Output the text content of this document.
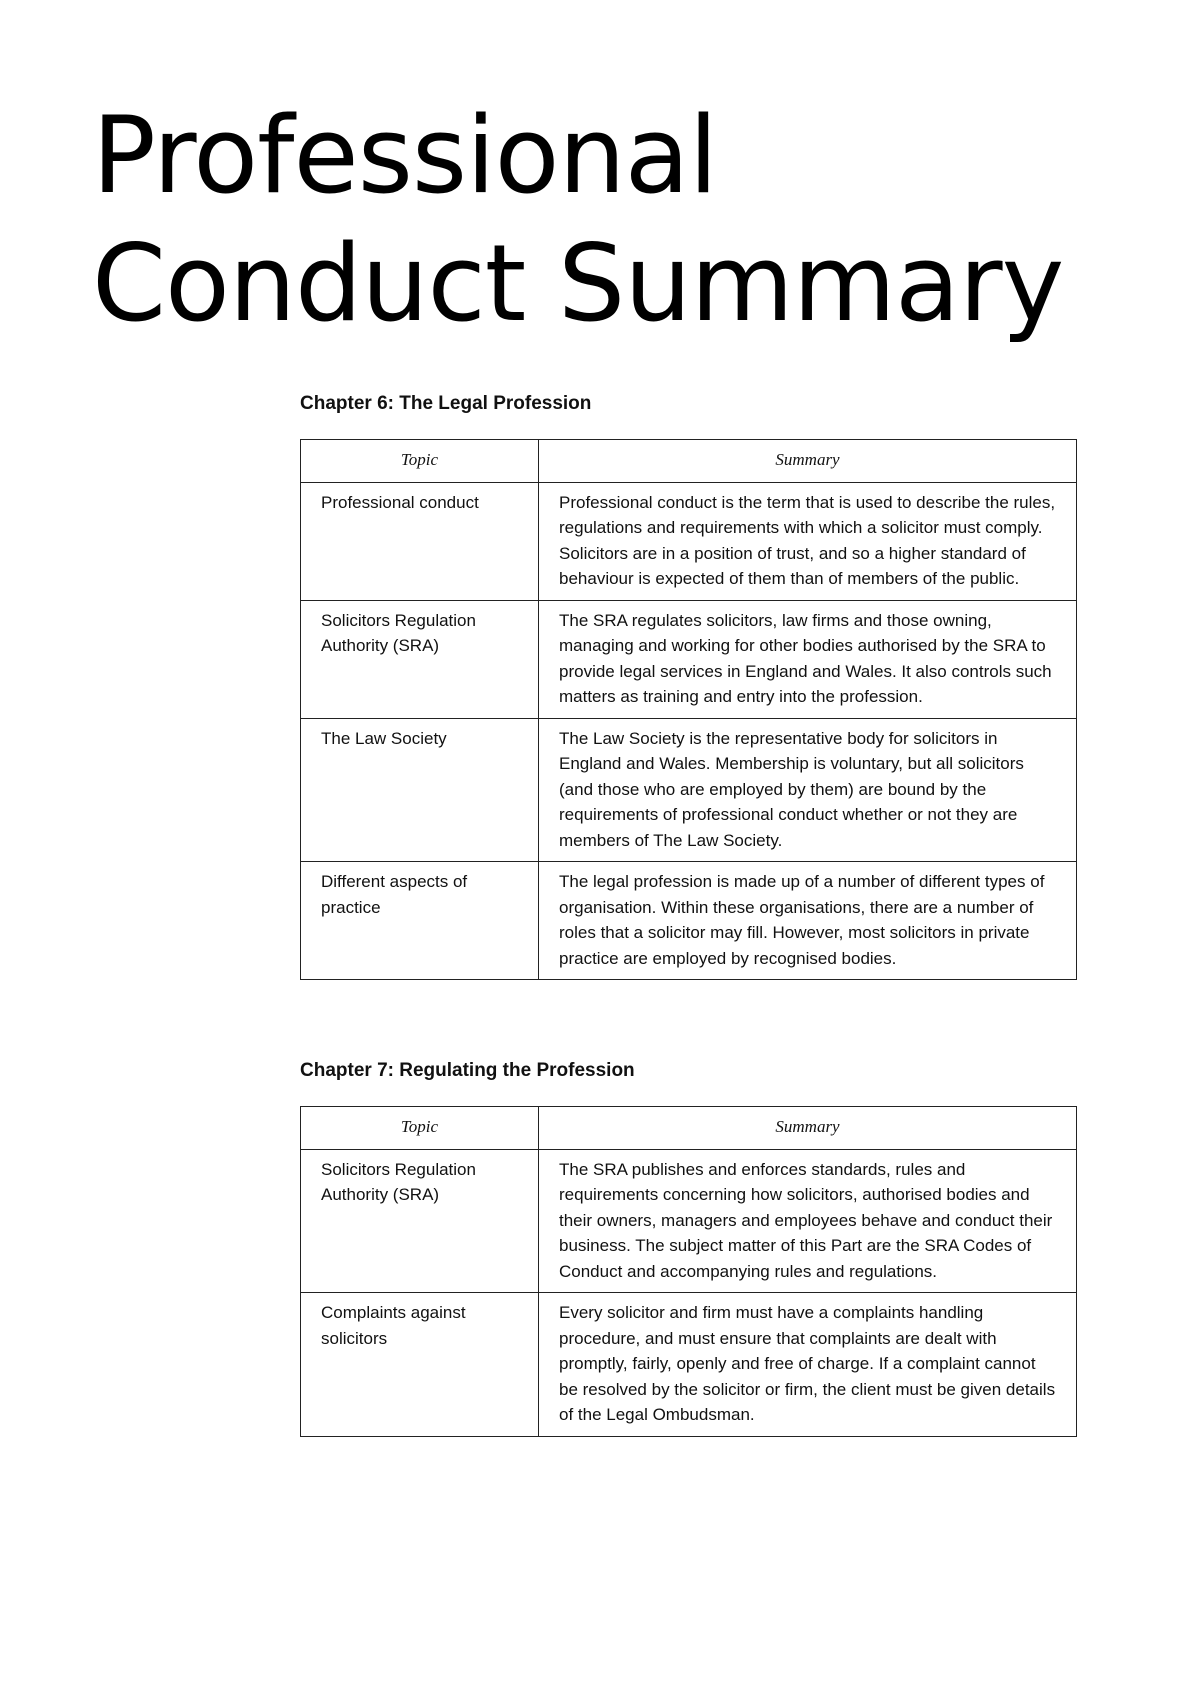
Professional
Conduct Summary
Chapter 6: The Legal Profession
Topic	Summary
Professional conduct	Professional conduct is the term that is used to describe the rules, regulations and requirements with which a solicitor must comply. Solicitors are in a position of trust, and so a higher standard of behaviour is expected of them than of members of the public.
Solicitors Regulation Authority (SRA)	The SRA regulates solicitors, law firms and those owning, managing and working for other bodies authorised by the SRA to provide legal services in England and Wales. It also controls such matters as training and entry into the profession.
The Law Society	The Law Society is the representative body for solicitors in England and Wales. Membership is voluntary, but all solicitors (and those who are employed by them) are bound by the requirements of professional conduct whether or not they are members of The Law Society.
Different aspects of practice	The legal profession is made up of a number of different types of organisation. Within these organisations, there are a number of roles that a solicitor may fill. However, most solicitors in private practice are employed by recognised bodies.
Chapter 7: Regulating the Profession
Topic	Summary
Solicitors Regulation Authority (SRA)	The SRA publishes and enforces standards, rules and requirements concerning how solicitors, authorised bodies and their owners, managers and employees behave and conduct their business. The subject matter of this Part are the SRA Codes of Conduct and accompanying rules and regulations.
Complaints against solicitors	Every solicitor and firm must have a complaints handling procedure, and must ensure that complaints are dealt with promptly, fairly, openly and free of charge. If a complaint cannot be resolved by the solicitor or firm, the client must be given details of the Legal Ombudsman.
